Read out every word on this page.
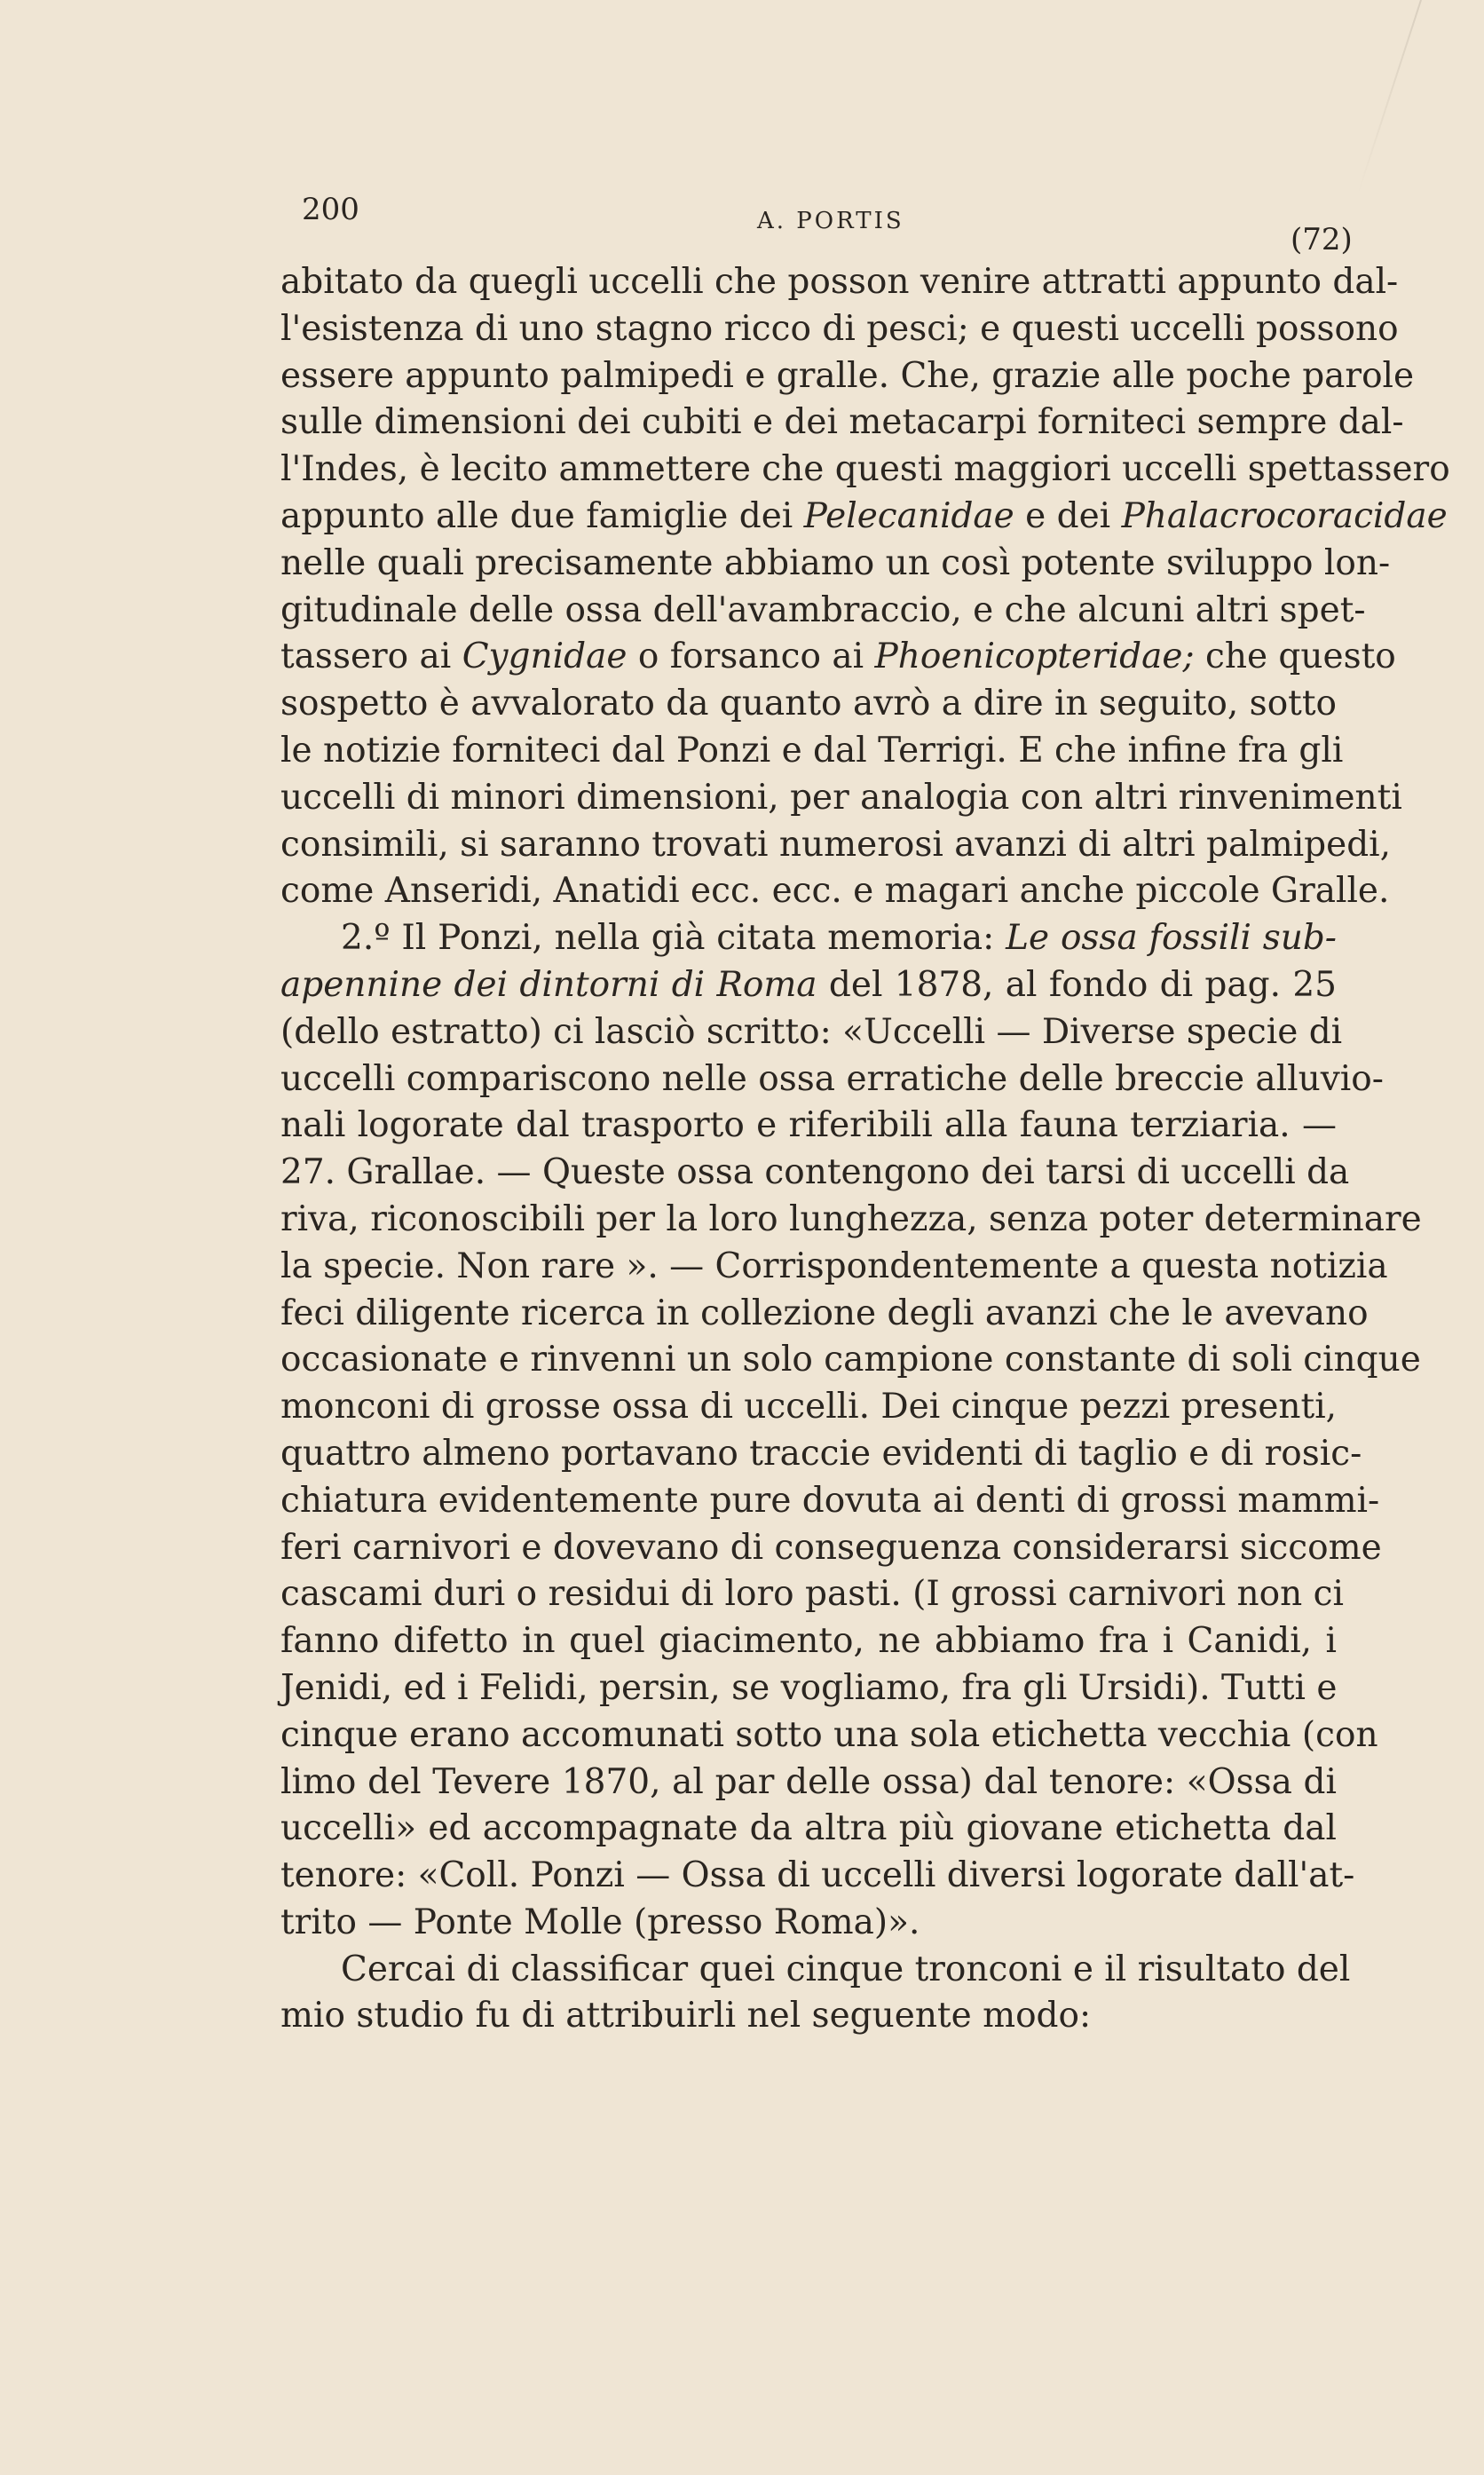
200	A. PORTIS
(72)
abitato da quegli uccelli che posson venire attratti appunto dal-
l'esistenza di uno stagno ricco di pesci; e questi uccelli possono
essere appunto palmipedi e gralle. Che, grazie alle poche parole
sulle dimensioni dei cubiti e dei metacarpi forniteci sempre dal-
l'Indes, è lecito ammettere che questi maggiori uccelli spettassero
appunto alle due famiglie dei Pelecanidae e dei Phalacrocoracidae
nelle quali precisamente abbiamo un così potente sviluppo lon-
gitudinale delle ossa dell'avambraccio, e che alcuni altri spet-
tassero ai Cygnidae o forsanco ai Phoenicopteridae; che questo
sospetto è avvalorato da quanto avrò a dire in seguito, sotto
le notizie forniteci dal Ponzi e dal Terrigi. E che infine fra gli
uccelli di minori dimensioni, per analogia con altri rinvenimenti
consimili, si saranno trovati numerosi avanzi di altri palmipedi,
come Anseridi, Anatidi ecc. ecc. e magari anche piccole Gralle.
2.º Il Ponzi, nella già citata memoria: Le ossa fossili sub-
apennine dei dintorni di Roma del 1878, al fondo di pag. 25
(dello estratto) ci lasciò scritto: «Uccelli — Diverse specie di
uccelli compariscono nelle ossa erratiche delle breccie alluvio-
nali logorate dal trasporto e riferibili alla fauna terziaria. —
27. Grallae. — Queste ossa contengono dei tarsi di uccelli da
riva, riconoscibili per la loro lunghezza, senza poter determinare
la specie. Non rare ». — Corrispondentemente a questa notizia
feci diligente ricerca in collezione degli avanzi che le avevano
occasionate e rinvenni un solo campione constante di soli cinque
monconi di grosse ossa di uccelli. Dei cinque pezzi presenti,
quattro almeno portavano traccie evidenti di taglio e di rosic-
chiatura evidentemente pure dovuta ai denti di grossi mammi-
feri carnivori e dovevano di conseguenza considerarsi siccome
cascami duri o residui di loro pasti. (I grossi carnivori non ci
fanno difetto in quel giacimento, ne abbiamo fra i Canidi, i
Jenidi, ed i Felidi, persin, se vogliamo, fra gli Ursidi). Tutti e
cinque erano accomunati sotto una sola etichetta vecchia (con
limo del Tevere 1870, al par delle ossa) dal tenore: «Ossa di
uccelli» ed accompagnate da altra più giovane etichetta dal
tenore: «Coll. Ponzi — Ossa di uccelli diversi logorate dall'at-
trito — Ponte Molle (presso Roma)».
Cercai di classificar quei cinque tronconi e il risultato del
mio studio fu di attribuirli nel seguente modo:
